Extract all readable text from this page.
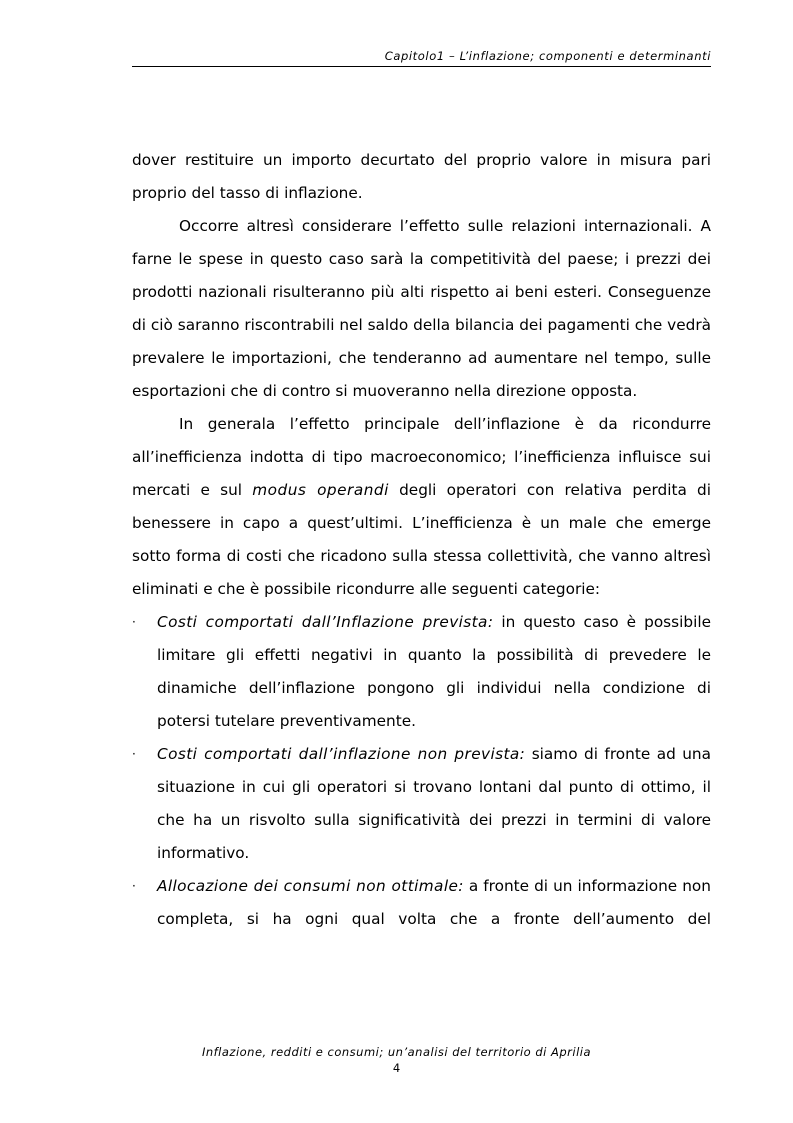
Capitolo1 – L’inflazione; componenti e determinanti

dover restituire un importo decurtato del proprio valore in misura pari proprio del tasso di inflazione.

Occorre altresì considerare l’effetto sulle relazioni internazionali. A farne le spese in questo caso sarà la competitività del paese; i prezzi dei prodotti nazionali risulteranno più alti rispetto ai beni esteri. Conseguenze di ciò saranno riscontrabili nel saldo della bilancia dei pagamenti che vedrà prevalere le importazioni, che tenderanno ad aumentare nel tempo, sulle esportazioni che di contro si muoveranno nella direzione opposta.

In generala l’effetto principale dell’inflazione è da ricondurre all’inefficienza indotta di tipo macroeconomico; l’inefficienza influisce sui mercati e sul modus operandi degli operatori con relativa perdita di benessere in capo a quest’ultimi. L’inefficienza è un male che emerge sotto forma di costi che ricadono sulla stessa collettività, che vanno altresì eliminati e che è possibile ricondurre alle seguenti categorie:

· Costi comportati dall’Inflazione prevista: in questo caso è possibile limitare gli effetti negativi in quanto la possibilità di prevedere le dinamiche dell’inflazione pongono gli individui nella condizione di potersi tutelare preventivamente.
· Costi comportati dall’inflazione non prevista: siamo di fronte ad una situazione in cui gli operatori si trovano lontani dal punto di ottimo, il che ha un risvolto sulla significatività dei prezzi in termini di valore informativo.
· Allocazione dei consumi non ottimale: a fronte di un informazione non completa, si ha ogni qual volta che a fronte dell’aumento del
Inflazione, redditi e consumi; un’analisi del territorio di Aprilia
4
